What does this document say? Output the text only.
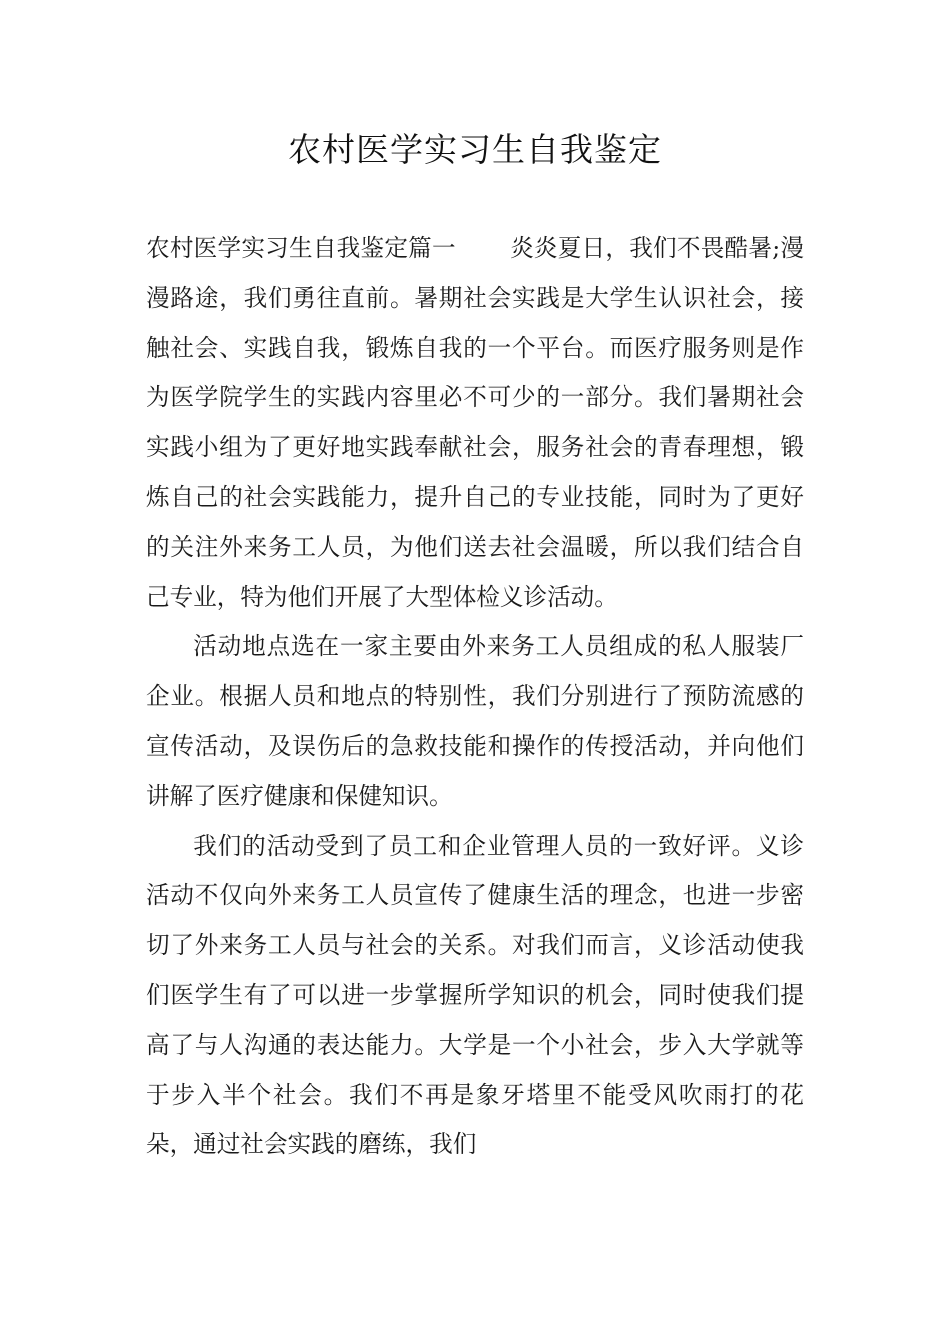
农村医学实习生自我鉴定

农村医学实习生自我鉴定篇一 炎炎夏日，我们不畏酷暑;漫漫路途，我们勇往直前。暑期社会实践是大学生认识社会，接触社会、实践自我，锻炼自我的一个平台。而医疗服务则是作为医学院学生的实践内容里必不可少的一部分。我们暑期社会实践小组为了更好地实践奉献社会，服务社会的青春理想，锻炼自己的社会实践能力，提升自己的专业技能，同时为了更好的关注外来务工人员，为他们送去社会温暖，所以我们结合自己专业，特为他们开展了大型体检义诊活动。

活动地点选在一家主要由外来务工人员组成的私人服装厂企业。根据人员和地点的特别性，我们分别进行了预防流感的宣传活动，及误伤后的急救技能和操作的传授活动，并向他们讲解了医疗健康和保健知识。

我们的活动受到了员工和企业管理人员的一致好评。义诊活动不仅向外来务工人员宣传了健康生活的理念，也进一步密切了外来务工人员与社会的关系。对我们而言，义诊活动使我们医学生有了可以进一步掌握所学知识的机会，同时使我们提高了与人沟通的表达能力。大学是一个小社会，步入大学就等于步入半个社会。我们不再是象牙塔里不能受风吹雨打的花朵，通过社会实践的磨练，我们
